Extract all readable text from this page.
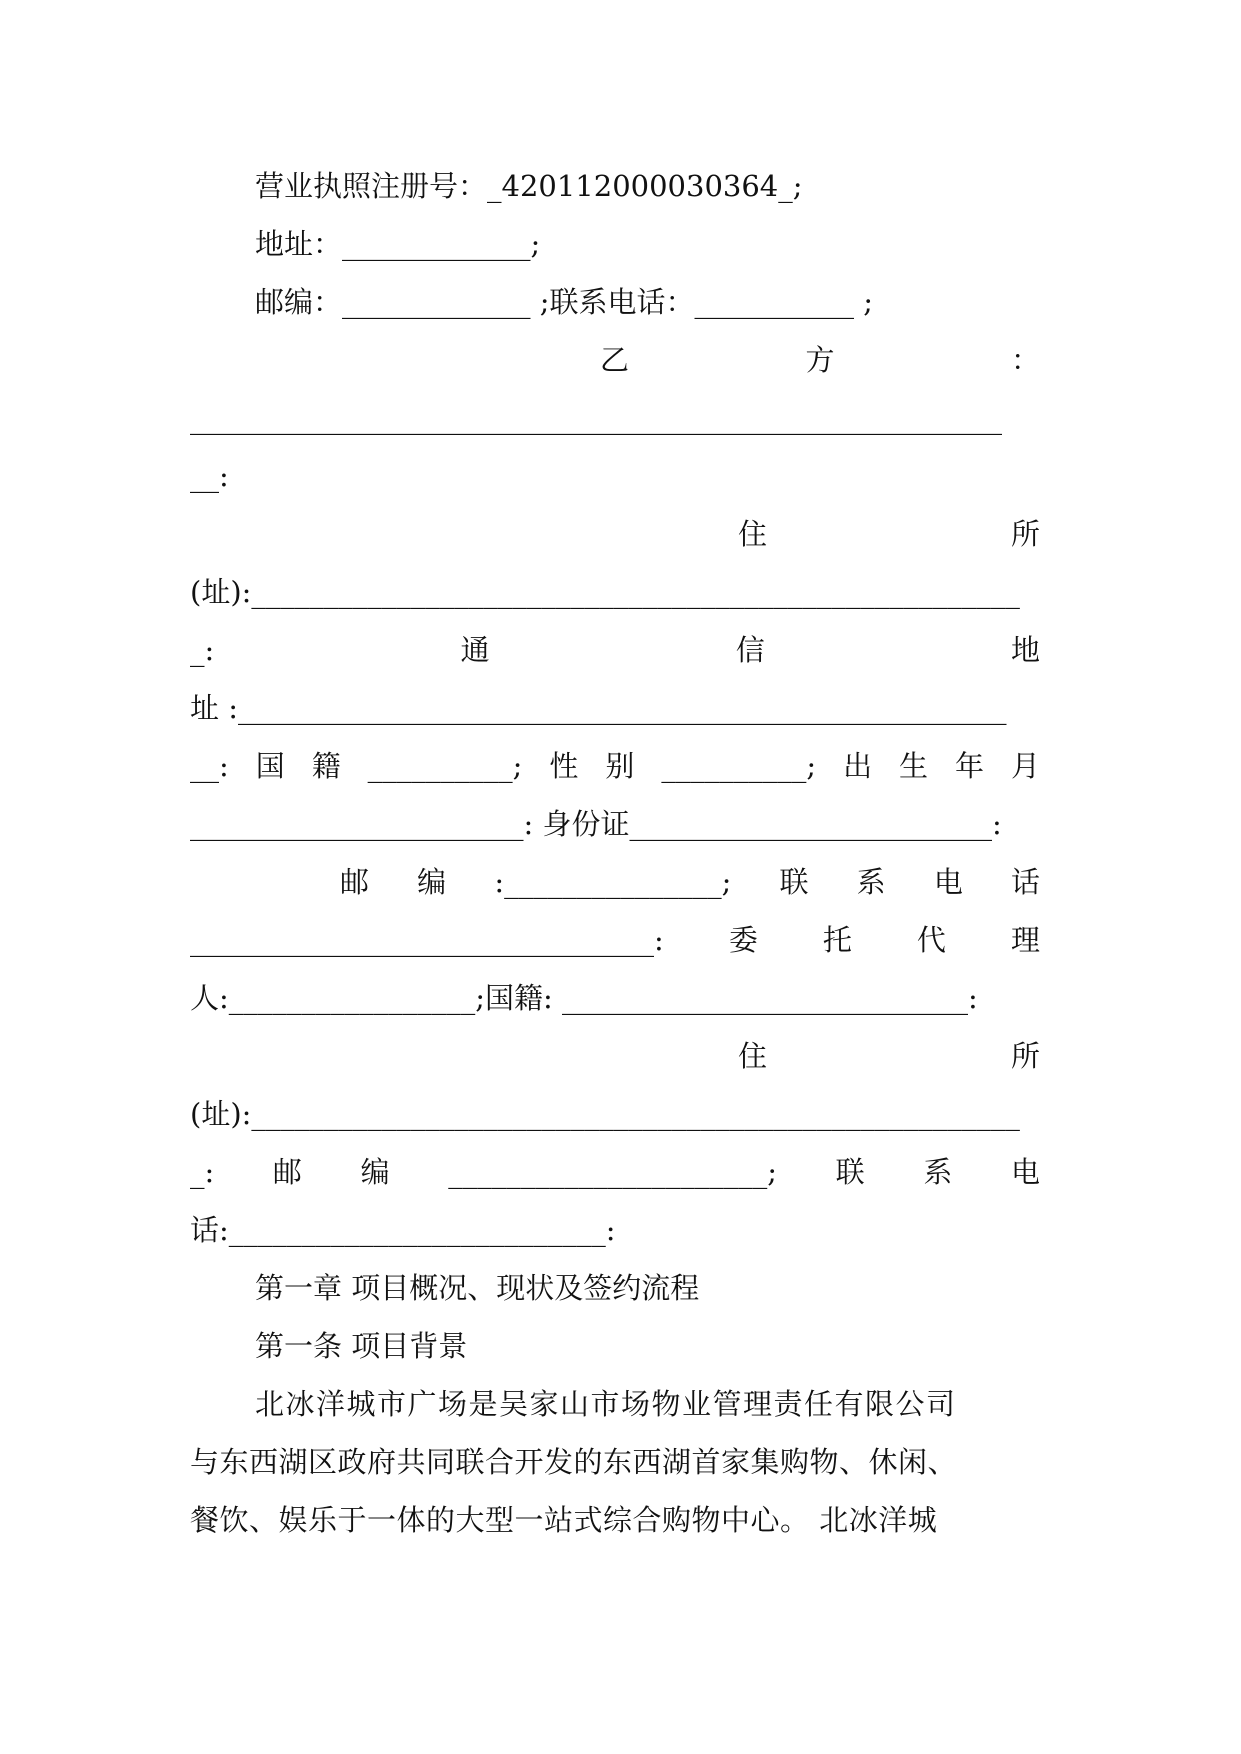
营业执照注册号：_420112000030364_;
地址：_____________;
邮编：_____________ ;联系电话：___________ ;
乙	方	：
________________________________________________________
__:
住	所
(址):_____________________________________________________
_:	通	信	地
址 :_____________________________________________________
__: 国 籍 __________; 性 别 __________; 出 生 年 月
_______________________: 身份证_________________________:
邮 编 :_______________; 联 系 电 话
________________________________: 委 托 代 理
人:_________________;国籍: ____________________________:
住	所
(址):_____________________________________________________
_: 邮 编 ______________________; 联 系 电
话:__________________________:
第一章 项目概况、现状及签约流程
第一条 项目背景
北冰洋城市广场是吴家山市场物业管理责任有限公司
与东西湖区政府共同联合开发的东西湖首家集购物、休闲、
餐饮、娱乐于一体的大型一站式综合购物中心。 北冰洋城
